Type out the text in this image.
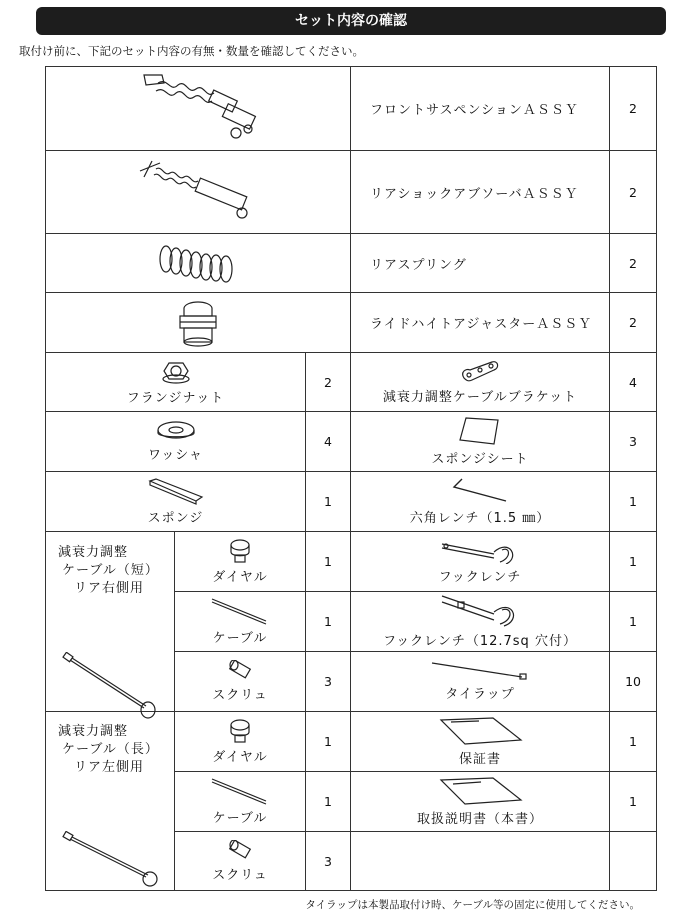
セット内容の確認
取付け前に、下記のセット内容の有無・数量を確認してください。
	フロントサスペンションＡＳＳＹ	2

	リアショックアブソーバＡＳＳＹ	2

	リアスプリング	2

	ライドハイトアジャスターＡＳＳＹ	2

フランジナット		2	減衰力調整ケーブルブラケット	4

ワッシャ		4	スポンジシート	3

スポンジ		1	六角レンチ（1.5 ㎜）	1

減衰力調整
ケーブル（短）
リア右側用	ダイヤル	1	フックレンチ	1

	ケーブル	1	フックレンチ（12.7sq 穴付）	1

	スクリュ	3	タイラップ	10

減衰力調整
ケーブル（長）
リア左側用	ダイヤル	1	保証書	1

	ケーブル	1	取扱説明書（本書）	1

	スクリュ	3		
タイラップは本製品取付け時、ケーブル等の固定に使用してください。
